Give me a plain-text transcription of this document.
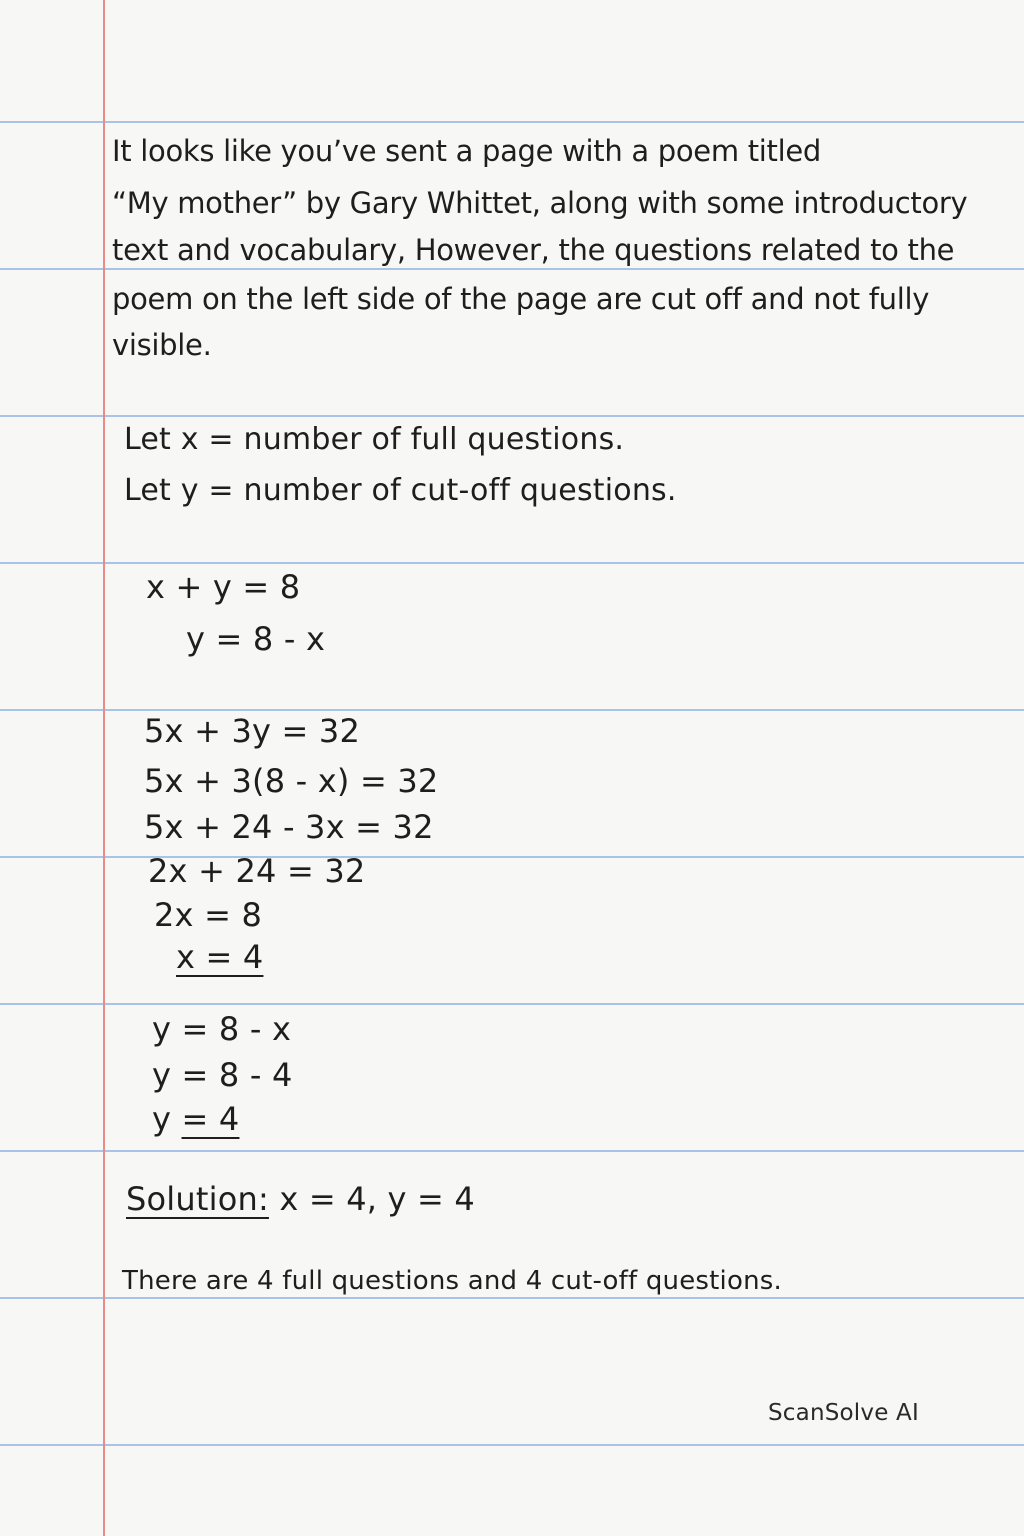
It looks like you’ve sent a page with a poem titled

“My mother” by Gary Whittet, along with some introductory

text and vocabulary, However, the questions related to the

poem on the left side of the page are cut off and not fully

visible.

Let x = number of full questions.

Let y = number of cut-off questions.

x + y = 8

y = 8 - x

5x + 3y = 32

5x + 3(8 - x) = 32

5x + 24 - 3x = 32

2x + 24 = 32

2x = 8

x = 4

y = 8 - x

y = 8 - 4

y = 4

Solution: x = 4, y = 4

There are 4 full questions and 4 cut-off questions.

ScanSolve AI
